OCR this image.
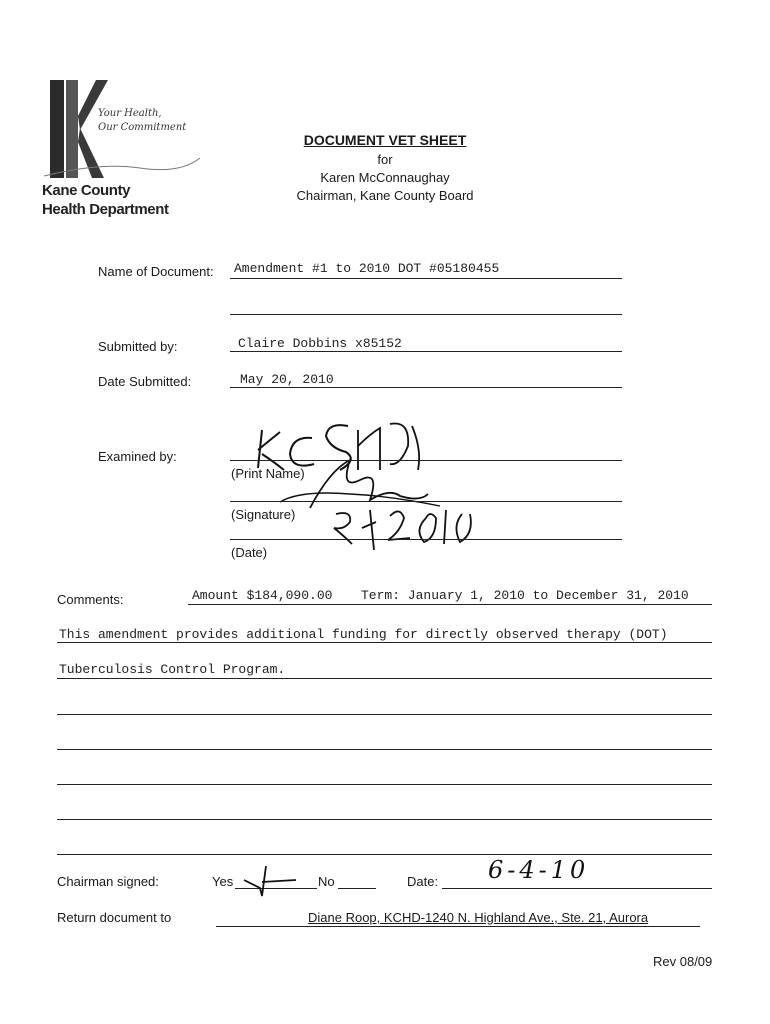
Your Health,
Our Commitment
Kane County
Health Department
DOCUMENT VET SHEET
for
Karen McConnaughay
Chairman, Kane County Board
Name of Document: Amendment #1 to 2010 DOT #05180455
Submitted by:	Claire Dobbins x85152
Date Submitted:	May 20, 2010
Examined by:
(Print Name)
(Signature)
(Date)
Comments:	Amount $184,090.00 Term: January 1, 2010 to December 31, 2010
This amendment provides additional funding for directly observed therapy (DOT)
Tuberculosis Control Program.
Chairman signed:	Yes	No	Date: 6-4-10
Return document to	Diane Roop, KCHD-1240 N. Highland Ave., Ste. 21, Aurora
Rev 08/09
